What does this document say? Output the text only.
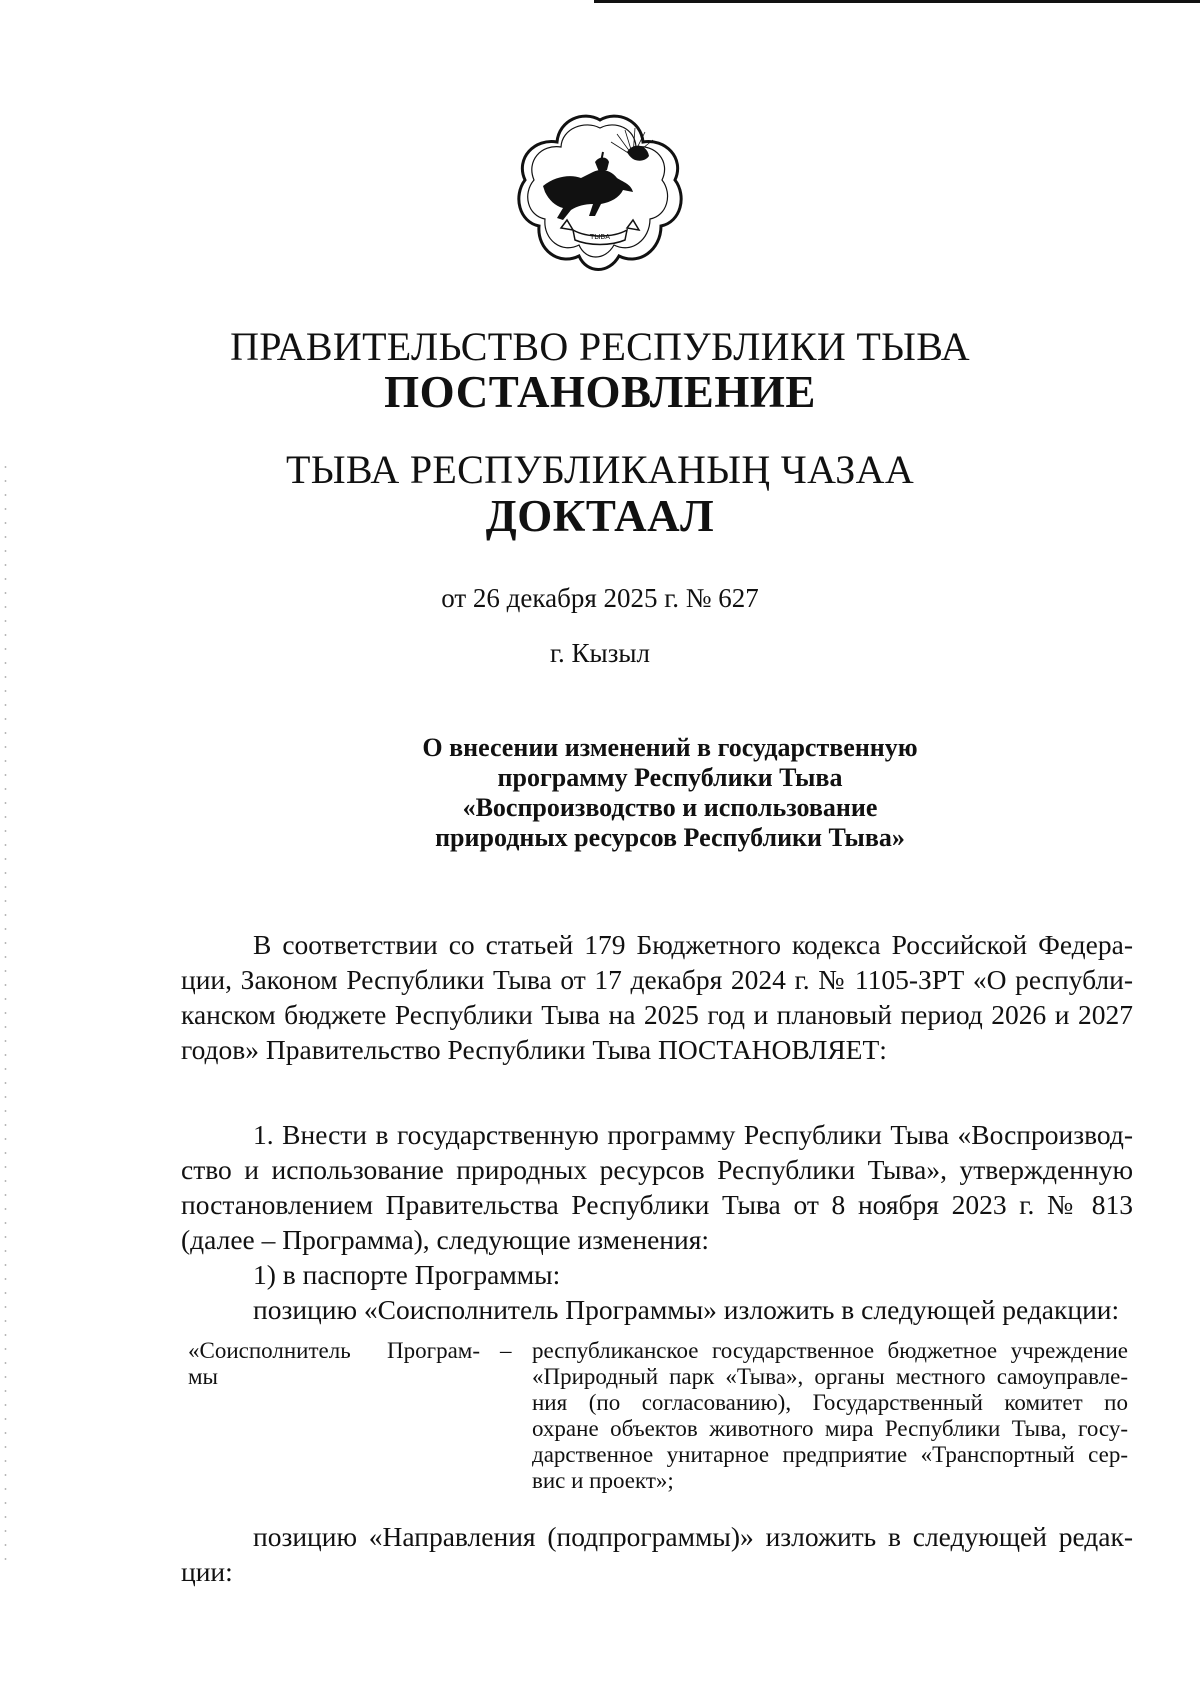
ТЫВА
ПРАВИТЕЛЬСТВО РЕСПУБЛИКИ ТЫВА
ПОСТАНОВЛЕНИЕ
ТЫВА РЕСПУБЛИКАНЫҢ ЧАЗАА
ДОКТААЛ
от 26 декабря 2025 г. № 627
г. Кызыл
О внесении изменений в государственную
программу Республики Тыва
«Воспроизводство и использование
природных ресурсов Республики Тыва»
В соответствии со статьей 179 Бюджетного кодекса Российской Федера-
ции, Законом Республики Тыва от 17 декабря 2024 г. № 1105-ЗРТ «О республи-
канском бюджете Республики Тыва на 2025 год и плановый период 2026 и 2027
годов» Правительство Республики Тыва ПОСТАНОВЛЯЕТ:
1. Внести в государственную программу Республики Тыва «Воспроизвод-
ство и использование природных ресурсов Республики Тыва», утвержденную
постановлением Правительства Республики Тыва от 8 ноября 2023 г. № 813
(далее – Программа), следующие изменения:
1) в паспорте Программы:
позицию «Соисполнитель Программы» изложить в следующей редакции:
«Соисполнитель Програм-
мы
– республиканское государственное бюджетное учреждение
«Природный парк «Тыва», органы местного самоуправле-
ния (по согласованию), Государственный комитет по
охране объектов животного мира Республики Тыва, госу-
дарственное унитарное предприятие «Транспортный сер-
вис и проект»;
позицию «Направления (подпрограммы)» изложить в следующей редак-
ции:
